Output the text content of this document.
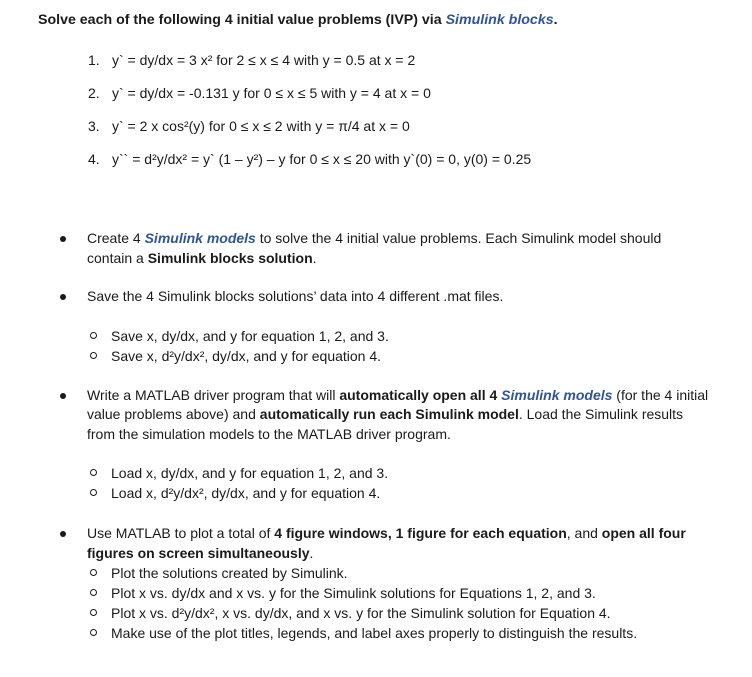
Solve each of the following 4 initial value problems (IVP) via Simulink blocks.
1. y` = dy/dx = 3 x² for 2 ≤ x ≤ 4 with y = 0.5 at x = 2
2. y` = dy/dx = -0.131 y for 0 ≤ x ≤ 5 with y = 4 at x = 0
3. y` = 2 x cos²(y) for 0 ≤ x ≤ 2 with y = π/4 at x = 0
4. y`` = d²y/dx² = y` (1 – y²) – y for 0 ≤ x ≤ 20 with y`(0) = 0, y(0) = 0.25
Create 4 Simulink models to solve the 4 initial value problems. Each Simulink model should contain a Simulink blocks solution.
Save the 4 Simulink blocks solutions’ data into 4 different .mat files.
Save x, dy/dx, and y for equation 1, 2, and 3.
Save x, d²y/dx², dy/dx, and y for equation 4.
Write a MATLAB driver program that will automatically open all 4 Simulink models (for the 4 initial value problems above) and automatically run each Simulink model. Load the Simulink results from the simulation models to the MATLAB driver program.
Load x, dy/dx, and y for equation 1, 2, and 3.
Load x, d²y/dx², dy/dx, and y for equation 4.
Use MATLAB to plot a total of 4 figure windows, 1 figure for each equation, and open all four figures on screen simultaneously.
Plot the solutions created by Simulink.
Plot x vs. dy/dx and x vs. y for the Simulink solutions for Equations 1, 2, and 3.
Plot x vs. d²y/dx², x vs. dy/dx, and x vs. y for the Simulink solution for Equation 4.
Make use of the plot titles, legends, and label axes properly to distinguish the results.
